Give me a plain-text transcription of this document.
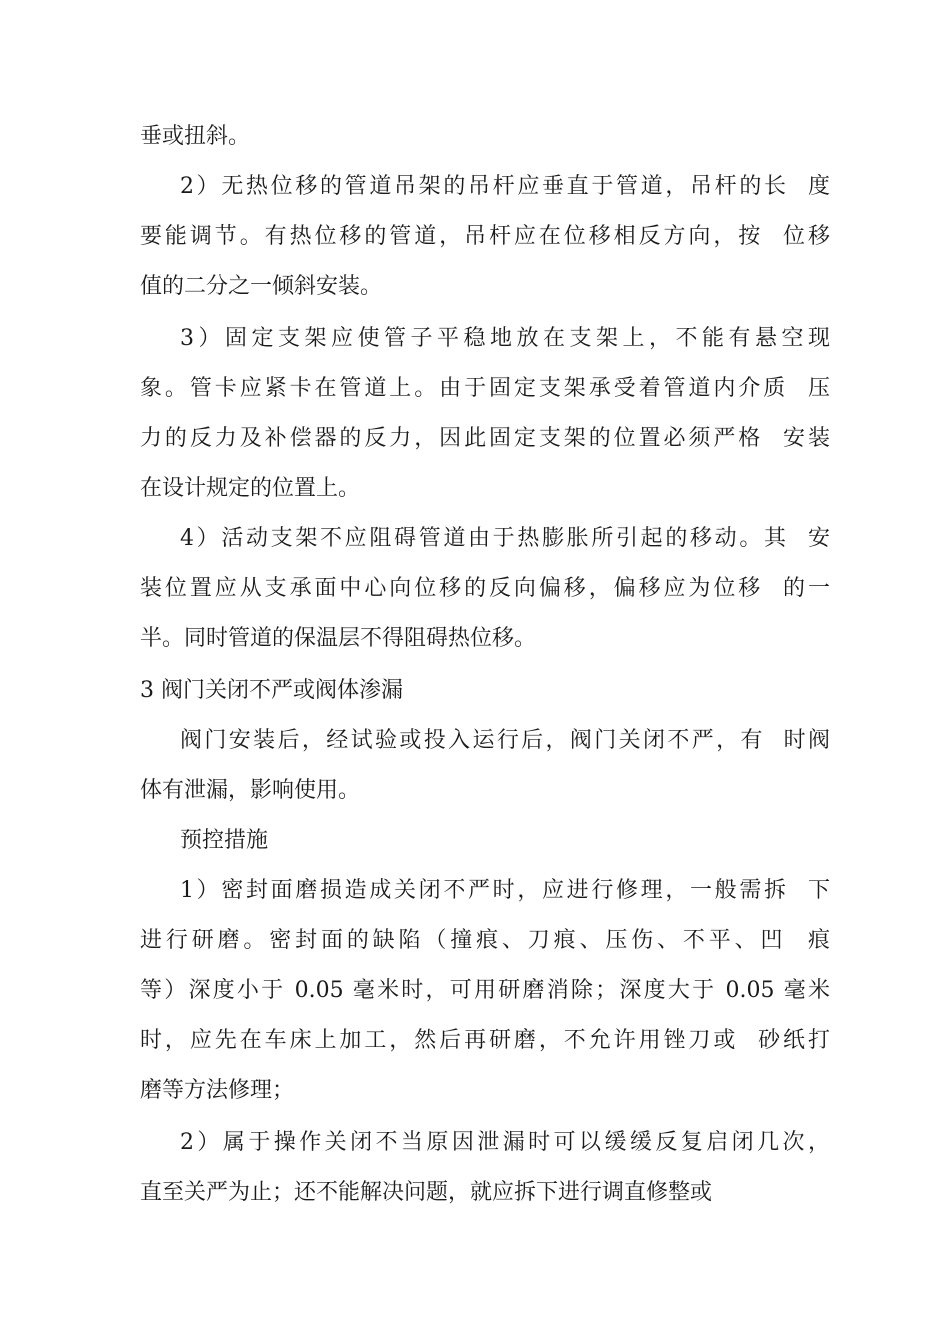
垂或扭斜。
2）无热位移的管道吊架的吊杆应垂直于管道，吊杆的长  度
要能调节。有热位移的管道，吊杆应在位移相反方向，按  位移
值的二分之一倾斜安装。
3）固定支架应使管子平稳地放在支架上，不能有悬空现
象。管卡应紧卡在管道上。由于固定支架承受着管道内介质  压
力的反力及补偿器的反力，因此固定支架的位置必须严格  安装
在设计规定的位置上。
4）活动支架不应阻碍管道由于热膨胀所引起的移动。其  安
装位置应从支承面中心向位移的反向偏移，偏移应为位移  的一
半。同时管道的保温层不得阻碍热位移。
3 阀门关闭不严或阀体渗漏
阀门安装后，经试验或投入运行后，阀门关闭不严，有  时阀
体有泄漏，影响使用。
预控措施
1）密封面磨损造成关闭不严时，应进行修理，一般需拆  下
进行研磨。密封面的缺陷（撞痕、刀痕、压伤、不平、凹  痕
等）深度小于 0.05 毫米时，可用研磨消除；深度大于 0.05 毫米
时，应先在车床上加工，然后再研磨，不允许用锉刀或  砂纸打
磨等方法修理；
2）属于操作关闭不当原因泄漏时可以缓缓反复启闭几次，
直至关严为止；还不能解决问题，就应拆下进行调直修整或
